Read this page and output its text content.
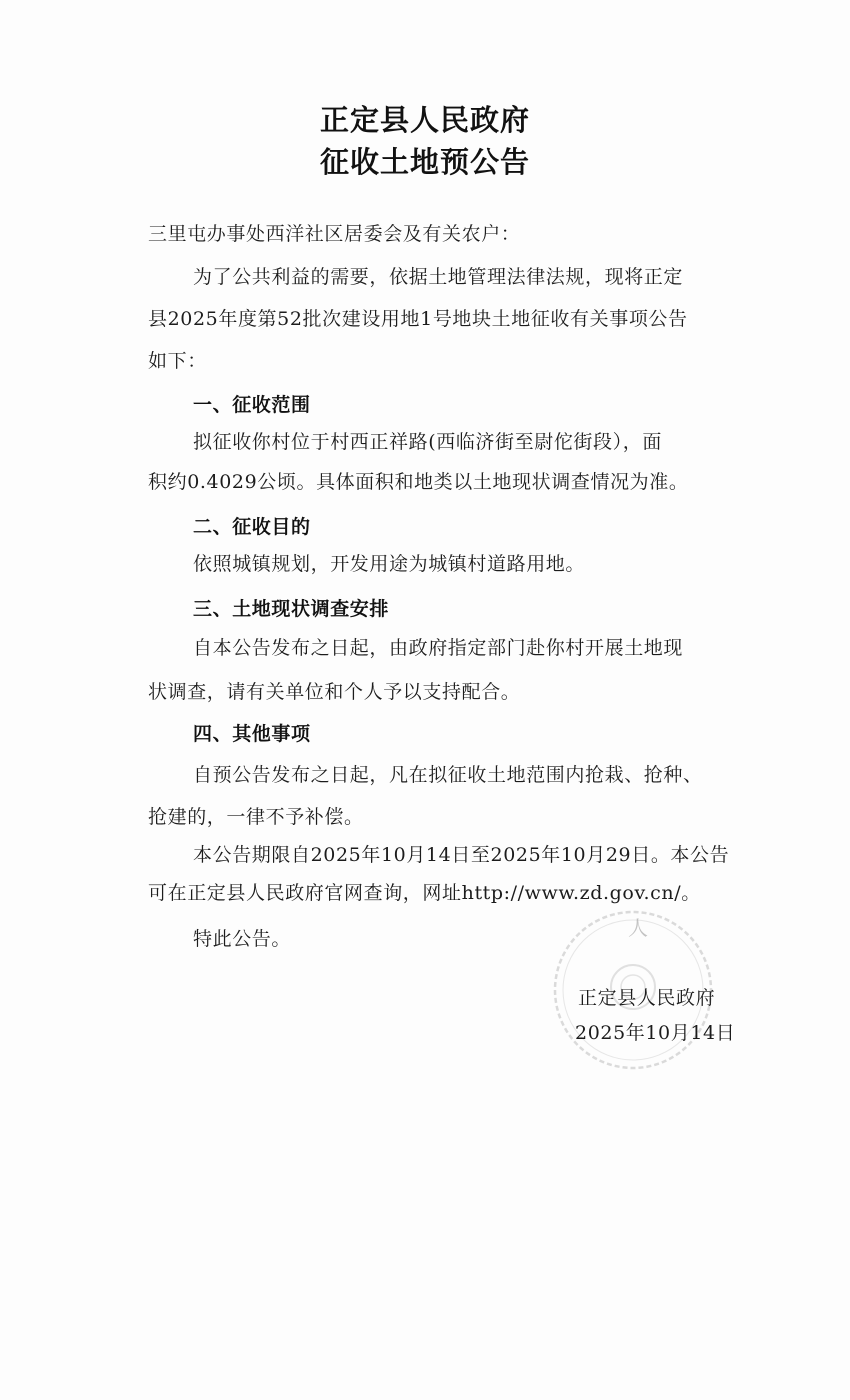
正定县人民政府
征收土地预公告
三里屯办事处西洋社区居委会及有关农户：
为了公共利益的需要，依据土地管理法律法规，现将正定
县2025年度第52批次建设用地1号地块土地征收有关事项公告
如下：
一、征收范围
拟征收你村位于村西正祥路(西临济街至尉佗街段），面
积约0.4029公顷。具体面积和地类以土地现状调查情况为准。
二、征收目的
依照城镇规划，开发用途为城镇村道路用地。
三、土地现状调查安排
自本公告发布之日起，由政府指定部门赴你村开展土地现
状调查，请有关单位和个人予以支持配合。
四、其他事项
自预公告发布之日起，凡在拟征收土地范围内抢栽、抢种、
抢建的，一律不予补偿。
本公告期限自2025年10月14日至2025年10月29日。本公告
可在正定县人民政府官网查询，网址http://www.zd.gov.cn/。
特此公告。	人
正定县人民政府
2025年10月14日
